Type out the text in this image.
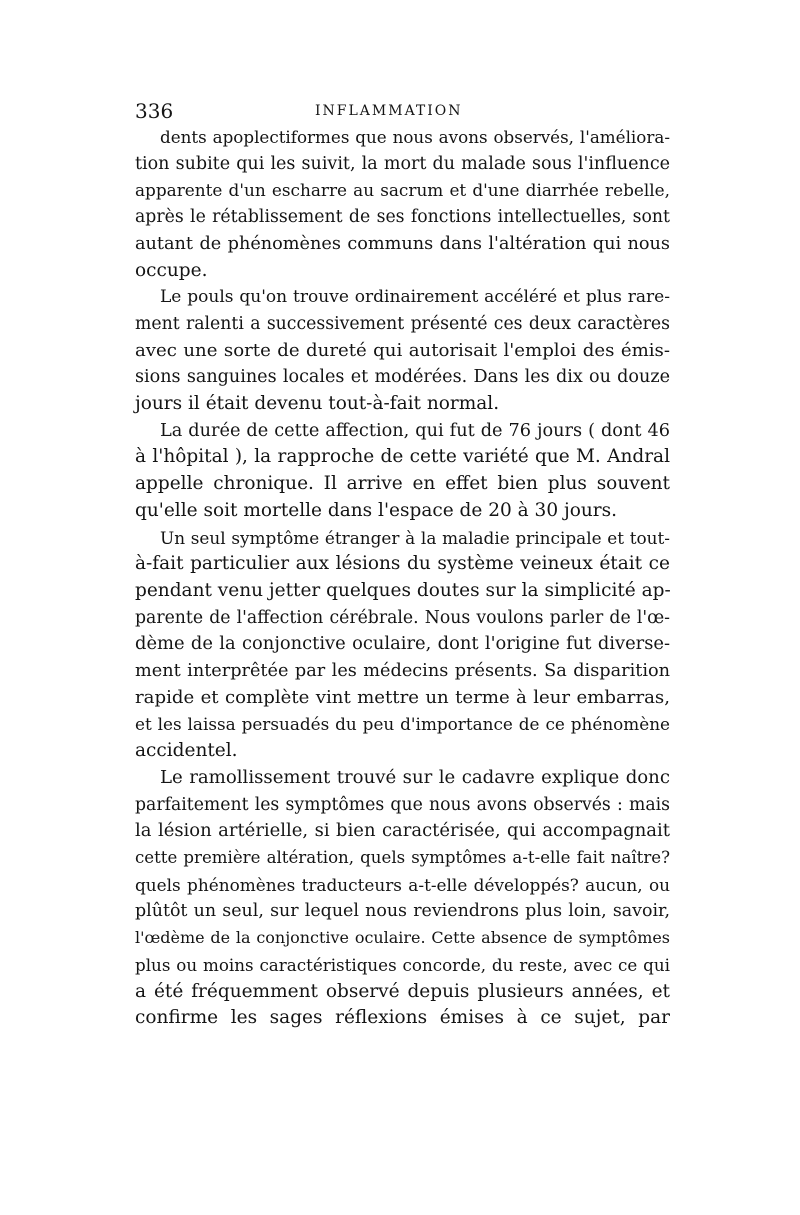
336	INFLAMMATION

dents apoplectiformes que nous avons observés, l'améliora-
tion subite qui les suivit, la mort du malade sous l'influence
apparente d'un escharre au sacrum et d'une diarrhée rebelle,
après le rétablissement de ses fonctions intellectuelles, sont
autant de phénomènes communs dans l'altération qui nous
occupe.

Le pouls qu'on trouve ordinairement accéléré et plus rare-
ment ralenti a successivement présenté ces deux caractères
avec une sorte de dureté qui autorisait l'emploi des émis-
sions sanguines locales et modérées. Dans les dix ou douze
jours il était devenu tout-à-fait normal.

La durée de cette affection, qui fut de 76 jours ( dont 46
à l'hôpital ), la rapproche de cette variété que M. Andral
appelle chronique. Il arrive en effet bien plus souvent
qu'elle soit mortelle dans l'espace de 20 à 30 jours.

Un seul symptôme étranger à la maladie principale et tout-
à-fait particulier aux lésions du système veineux était ce
pendant venu jetter quelques doutes sur la simplicité ap-
parente de l'affection cérébrale. Nous voulons parler de l'œ-
dème de la conjonctive oculaire, dont l'origine fut diverse-
ment interprêtée par les médecins présents. Sa disparition
rapide et complète vint mettre un terme à leur embarras,
et les laissa persuadés du peu d'importance de ce phénomène
accidentel.

Le ramollissement trouvé sur le cadavre explique donc
parfaitement les symptômes que nous avons observés : mais
la lésion artérielle, si bien caractérisée, qui accompagnait
cette première altération, quels symptômes a-t-elle fait naître?
quels phénomènes traducteurs a-t-elle développés? aucun, ou
plûtôt un seul, sur lequel nous reviendrons plus loin, savoir,
l'œdème de la conjonctive oculaire. Cette absence de symptômes
plus ou moins caractéristiques concorde, du reste, avec ce qui
a été fréquemment observé depuis plusieurs années, et
confirme les sages réflexions émises à ce sujet, par
